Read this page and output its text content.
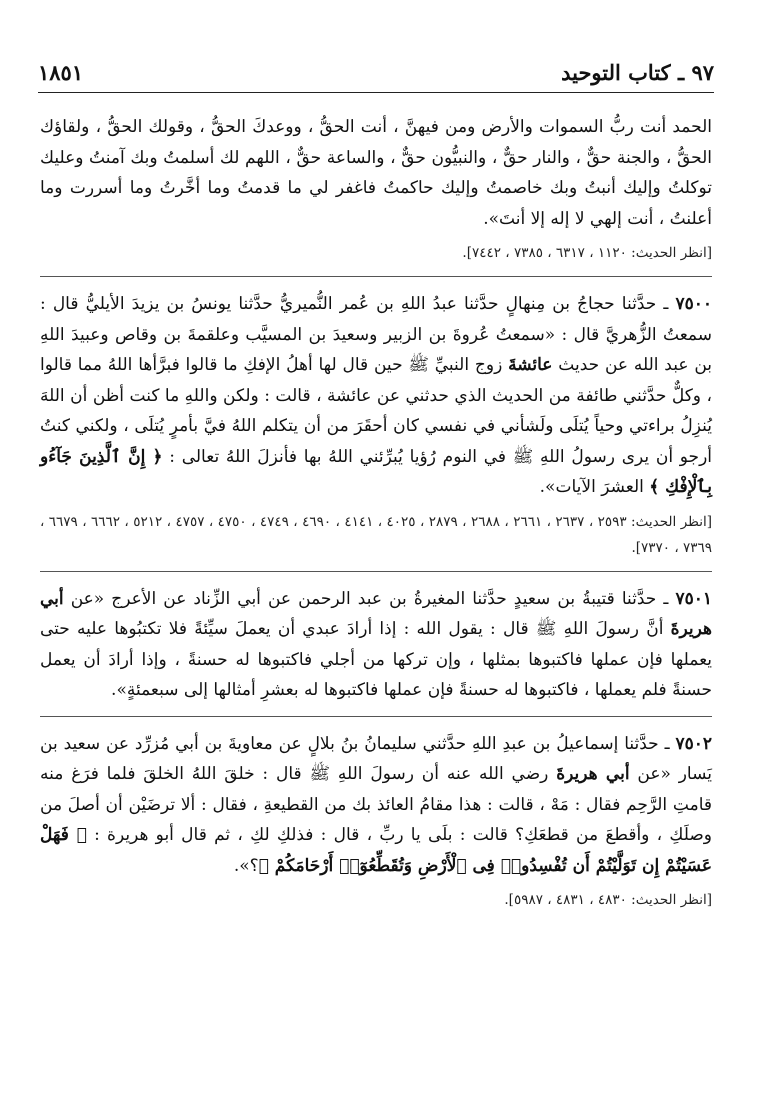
٩٧ ـ كتاب التوحيد
١٨٥١

الحمد أنت ربُّ السموات والأرض ومن فيهنَّ ، أنت الحقُّ ، ووعدكَ الحقُّ ، وقولك الحقُّ ، ولقاؤك الحقُّ ، والجنة حقٌّ ، والنار حقٌّ ، والنبيُّون حقٌّ ، والساعة حقٌّ ، اللهم لك أسلمتُ وبك آمنتُ وعليك توكلتُ وإليك أنبتُ وبك خاصمتُ وإليك حاكمتُ فاغفر لي ما قدمتُ وما أخَّرتُ وما أسررت وما أعلنتُ ، أنت إلهي لا إله إلا أنتَ».

[انظر الحديث: ١١٢٠ ، ٦٣١٧ ، ٧٣٨٥ ، ٧٤٤٢].

٧٥٠٠ ـ حدَّثنا حجاجُ بن مِنهالٍ حدَّثنا عبدُ اللهِ بن عُمر النُّميريُّ حدَّثنا يونسُ بن يزيدَ الأيليُّ قال : سمعتُ الزُّهريَّ قال : «سمعتُ عُروةَ بن الزبير وسعيدَ بن المسيَّب وعلقمةَ بن وقاص وعبيدَ اللهِ بن عبد الله عن حديث عائشةَ زوج النبيِّ ﷺ حين قال لها أهلُ الإفكِ ما قالوا فبرَّأها اللهُ مما قالوا ، وكلٌّ حدَّثني طائفة من الحديث الذي حدثني عن عائشة ، قالت : ولكن واللهِ ما كنت أظن أن اللهَ يُنزِلُ براءتي وحياً يُتلَى ولَشأني في نفسي كان أحقَرَ من أن يتكلم اللهُ فيَّ بأمرٍ يُتلَى ، ولكني كنتُ أرجو أن يرى رسولُ اللهِ ﷺ في النوم رُؤيا يُبرِّئني اللهُ بها فأنزلَ اللهُ تعالى : ﴿ إِنَّ ٱلَّذِينَ جَآءُو بِٱلْإِفْكِ ﴾ العشرَ الآيات».

[انظر الحديث: ٢٥٩٣ ، ٢٦٣٧ ، ٢٦٦١ ، ٢٦٨٨ ، ٢٨٧٩ ، ٤٠٢٥ ، ٤١٤١ ، ٤٦٩٠ ، ٤٧٤٩ ، ٤٧٥٠ ، ٤٧٥٧ ، ٥٢١٢ ، ٦٦٦٢ ، ٦٦٧٩ ، ٧٣٦٩ ، ٧٣٧٠].

٧٥٠١ ـ حدَّثنا قتيبةُ بن سعيدٍ حدَّثنا المغيرةُ بن عبد الرحمن عن أبي الزِّناد عن الأعرج «عن أبي هريرةَ أنَّ رسولَ اللهِ ﷺ قال : يقول الله : إذا أرادَ عبدي أن يعملَ سيِّئةً فلا تكتبُوها عليه حتى يعملها فإن عملها فاكتبوها بمثلها ، وإن تركها من أجلي فاكتبوها له حسنةً ، وإذا أرادَ أن يعمل حسنةً فلم يعملها ، فاكتبوها له حسنةً فإن عملها فاكتبوها له بعشرِ أمثالها إلى سبعمئةٍ».

٧٥٠٢ ـ حدَّثنا إسماعيلُ بن عبدِ اللهِ حدَّثني سليمانُ بنُ بلالٍ عن معاويةَ بن أبي مُزرِّد عن سعيد بن يَسار «عن أبي هريرةَ رضي الله عنه أن رسولَ اللهِ ﷺ قال : خلقَ اللهُ الخلقَ فلما فرَغ منه قامتِ الرَّحِم فقال : مَهْ ، قالت : هذا مقامُ العائذ بك من القطيعةِ ، فقال : ألا ترضَيْن أن أصلَ من وصلَكِ ، وأقطعَ من قطعَكِ؟ قالت : بلَى يا ربِّ ، قال : فذلكِ لكِ ، ثم قال أبو هريرة : ﴿ فَهَلْ عَسَيْتُمْ إِن تَوَلَّيْتُمْ أَن تُفْسِدُوا۟ فِى ٱلْأَرْضِ وَتُقَطِّعُوٓا۟ أَرْحَامَكُمْ ﴾؟».

[انظر الحديث: ٤٨٣٠ ، ٤٨٣١ ، ٥٩٨٧].
